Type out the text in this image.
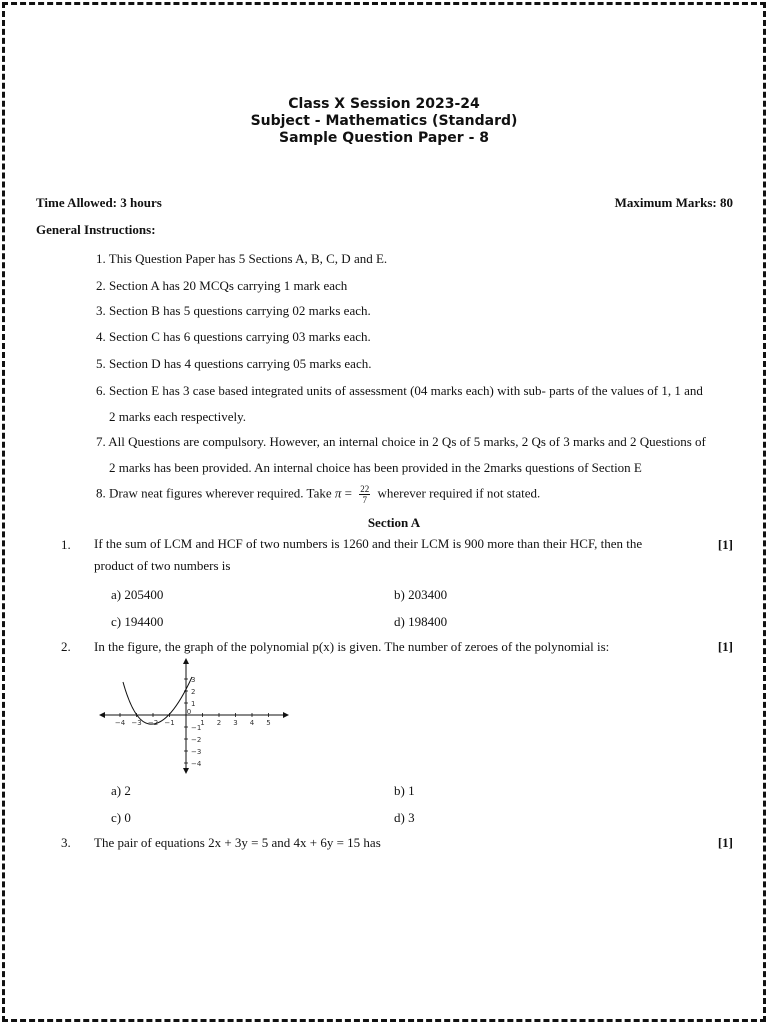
Class X Session 2023-24
Subject - Mathematics (Standard)
Sample Question Paper - 8
Time Allowed: 3 hours	Maximum Marks: 80
General Instructions:
1. This Question Paper has 5 Sections A, B, C, D and E.
2. Section A has 20 MCQs carrying 1 mark each
3. Section B has 5 questions carrying 02 marks each.
4. Section C has 6 questions carrying 03 marks each.
5. Section D has 4 questions carrying 05 marks each.
6. Section E has 3 case based integrated units of assessment (04 marks each) with sub- parts of the values of 1, 1 and
2 marks each respectively.
7. All Questions are compulsory. However, an internal choice in 2 Qs of 5 marks, 2 Qs of 3 marks and 2 Questions of
2 marks has been provided. An internal choice has been provided in the 2marks questions of Section E
8. Draw neat figures wherever required. Take $\pi = \frac{22}{7}$ wherever required if not stated.
Section A
1. If the sum of LCM and HCF of two numbers is 1260 and their LCM is 900 more than their HCF, then the
product of two numbers is
[1]
a) 205400	b) 203400
c) 194400	d) 198400
2. In the figure, the graph of the polynomial p(x) is given. The number of zeroes of the polynomial is:	[1]
−4 −3 −2 −1
0
1 2 3 4 5
3
2
1
−1
−2
−3
−4
a) 2	b) 1
c) 0	d) 3
3. The pair of equations 2x + 3y = 5 and 4x + 6y = 15 has	[1]
